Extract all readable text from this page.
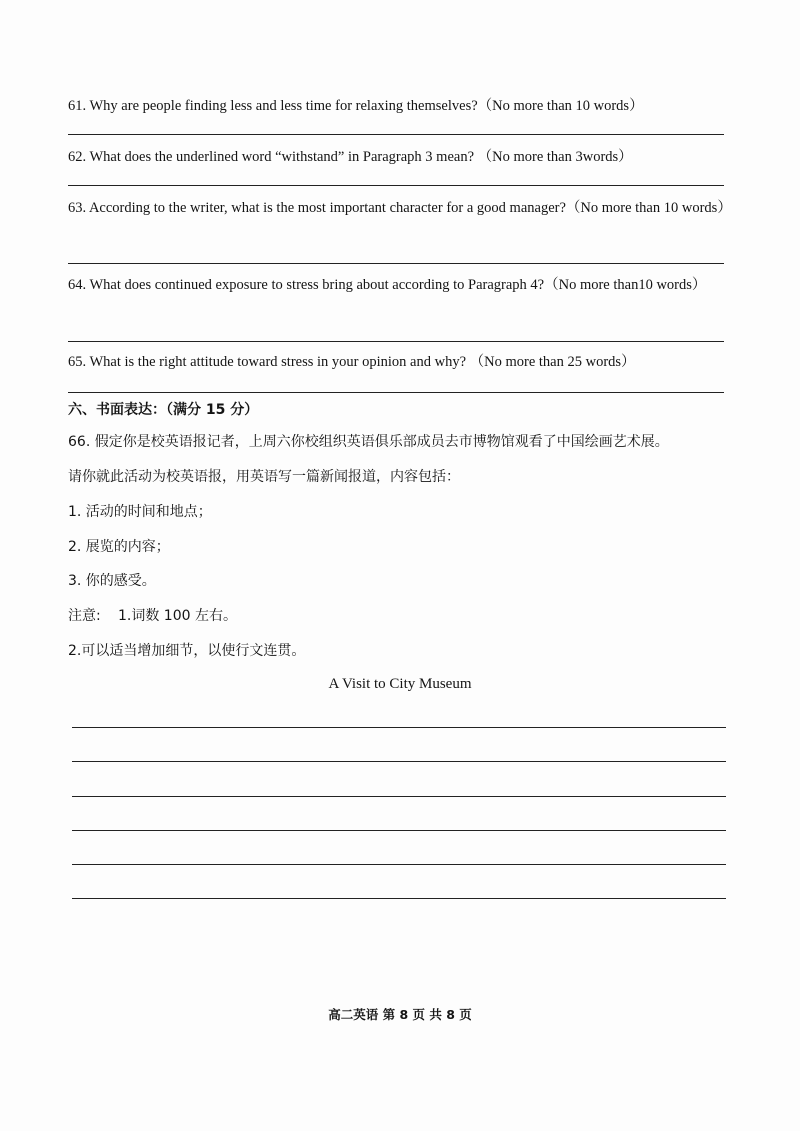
61. Why are people finding less and less time for relaxing themselves?（No more than 10 words）

62. What does the underlined word “withstand” in Paragraph 3 mean? （No more than 3words）

63. According to the writer, what is the most important character for a good manager?（No more than 10 words）

64. What does continued exposure to stress bring about according to Paragraph 4?（No more than10 words）

65. What is the right attitude toward stress in your opinion and why? （No more than 25 words）

六、书面表达：（满分 15 分）

66. 假定你是校英语报记者，上周六你校组织英语俱乐部成员去市博物馆观看了中国绘画艺术展。

请你就此活动为校英语报，用英语写一篇新闻报道，内容包括：

1. 活动的时间和地点；

2. 展览的内容；

3. 你的感受。

注意: 1.词数 100 左右。

2.可以适当增加细节，以使行文连贯。

A Visit to City Museum

高二英语 第 8 页 共 8 页
